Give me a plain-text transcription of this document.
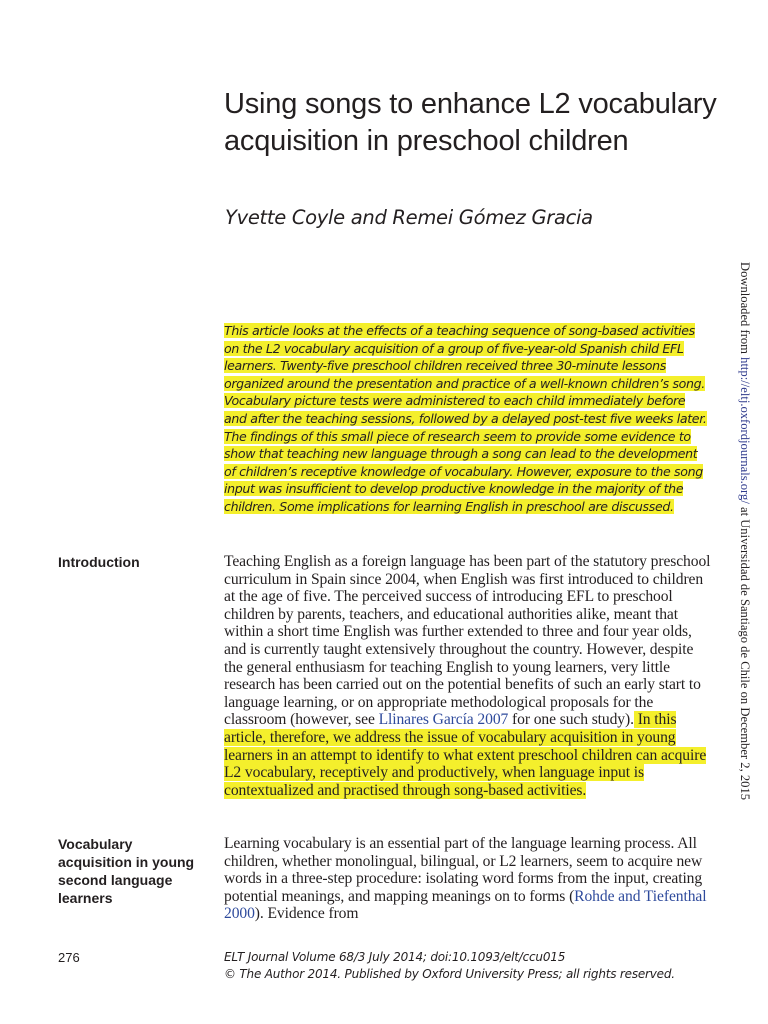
Using songs to enhance L2 vocabulary acquisition in preschool children

Yvette Coyle and Remei Gómez Gracia

Downloaded from http://eltj.oxfordjournals.org/ at Universidad de Santiago de Chile on December 2, 2015

This article looks at the effects of a teaching sequence of song-based activities on the L2 vocabulary acquisition of a group of five-year-old Spanish child EFL learners. Twenty-five preschool children received three 30-minute lessons organized around the presentation and practice of a well-known children’s song. Vocabulary picture tests were administered to each child immediately before and after the teaching sessions, followed by a delayed post-test five weeks later. The findings of this small piece of research seem to provide some evidence to show that teaching new language through a song can lead to the development of children’s receptive knowledge of vocabulary. However, exposure to the song input was insufficient to develop productive knowledge in the majority of the children. Some implications for learning English in preschool are discussed.

Introduction	Teaching English as a foreign language has been part of the statutory preschool curriculum in Spain since 2004, when English was first introduced to children at the age of five. The perceived success of introducing EFL to preschool children by parents, teachers, and educational authorities alike, meant that within a short time English was further extended to three and four year olds, and is currently taught extensively throughout the country. However, despite the general enthusiasm for teaching English to young learners, very little research has been carried out on the potential benefits of such an early start to language learning, or on appropriate methodological proposals for the classroom (however, see Llinares García 2007 for one such study). In this article, therefore, we address the issue of vocabulary acquisition in young learners in an attempt to identify to what extent preschool children can acquire L2 vocabulary, receptively and productively, when language input is contextualized and practised through song-based activities.

Vocabulary acquisition in young second language learners

Learning vocabulary is an essential part of the language learning process. All children, whether monolingual, bilingual, or L2 learners, seem to acquire new words in a three-step procedure: isolating word forms from the input, creating potential meanings, and mapping meanings on to forms (Rohde and Tiefenthal 2000). Evidence from

276	ELT Journal Volume 68/3 July 2014; doi:10.1093/elt/ccu015
© The Author 2014. Published by Oxford University Press; all rights reserved.
